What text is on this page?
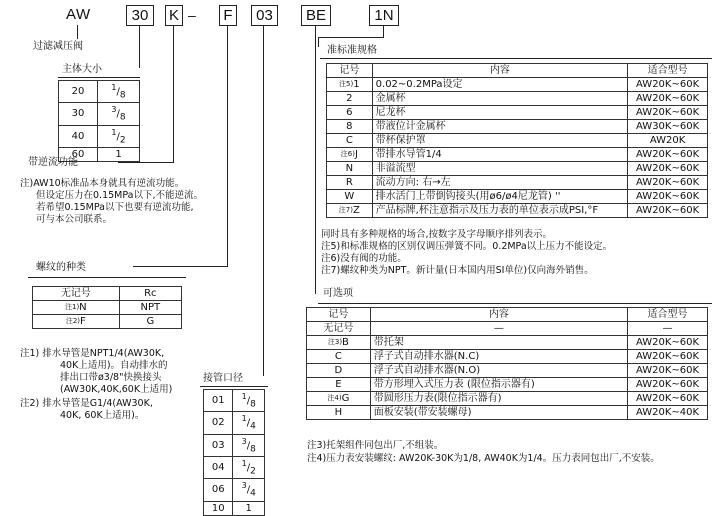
AW	30	K – F	03	BE	1N
过滤减压阀
主体大小
20	$^1/_8$
30	$^3/_8$
40	$^1/_2$
60	1
带逆流功能
注)AW10标准品本身就具有逆流功能。
但设定压力在0.15MPa以下,不能逆流。
若希望0.15MPa以下也要有逆流功能,
可与本公司联系。
螺纹的种类
无记号	Rc
$^{注1)}$N	NPT
$^{注2)}$F	G
注1) 排水导管是NPT1/4(AW30K,
40K上适用)。自动排水的
排出口带ø3/8"快换接头
(AW30K,40K,60K上适用)
注2) 排水导管是G1/4(AW30K,
40K, 60K上适用)。
接管口径
01	$^1/_8$
02	$^1/_4$
03	$^3/_8$
04	$^1/_2$
06	$^3/_4$
10	1
准标准规格
记号	内容	适合型号
$^{注5)}$1	0.02~0.2MPa设定	AW20K~60K
2	金属杯	AW20K~60K
6	尼龙杯	AW20K~60K
8	带液位计金属杯	AW30K~60K
C	带杯保护罩	AW20K
$^{注6)}$J	带排水导管1/4	AW20K~60K
N	非溢流型	AW20K~60K
R	流动方向: 右→左	AW20K~60K
W	排水活门上带倒钩接头(用ø6/ø4尼龙管) ''	AW20K~60K
$^{注7)}$Z	产品标牌,杯注意指示及压力表的单位表示成PSI,°F	AW20K~60K
同时具有多种规格的场合,按数字及字母顺序排列表示。
注5)和标准规格的区别仅调压弹簧不同。0.2MPa以上压力不能设定。
注6)没有阀的功能。
注7)螺纹种类为NPT。新计量(日本国内用SI单位)仅向海外销售。
可选项
记号	内容	适合型号
无记号	—	—
$^{注3)}$B	带托架	AW20K~60K
C	浮子式自动排水器(N.C)	AW20K~60K
D	浮子式自动排水器(N.O)	AW20K~60K
E	带方形埋入式压力表 (限位指示器有)	AW20K~60K
$^{注4)}$G	带圆形压力表(限位指示器有)	AW20K~60K
H	面板安装(带安装螺母)	AW20K~40K
注3)托架组件同包出厂,不组装。
注4)压力表安装螺纹: AW20K-30K为1/8, AW40K为1/4。压力表同包出厂,不安装。
